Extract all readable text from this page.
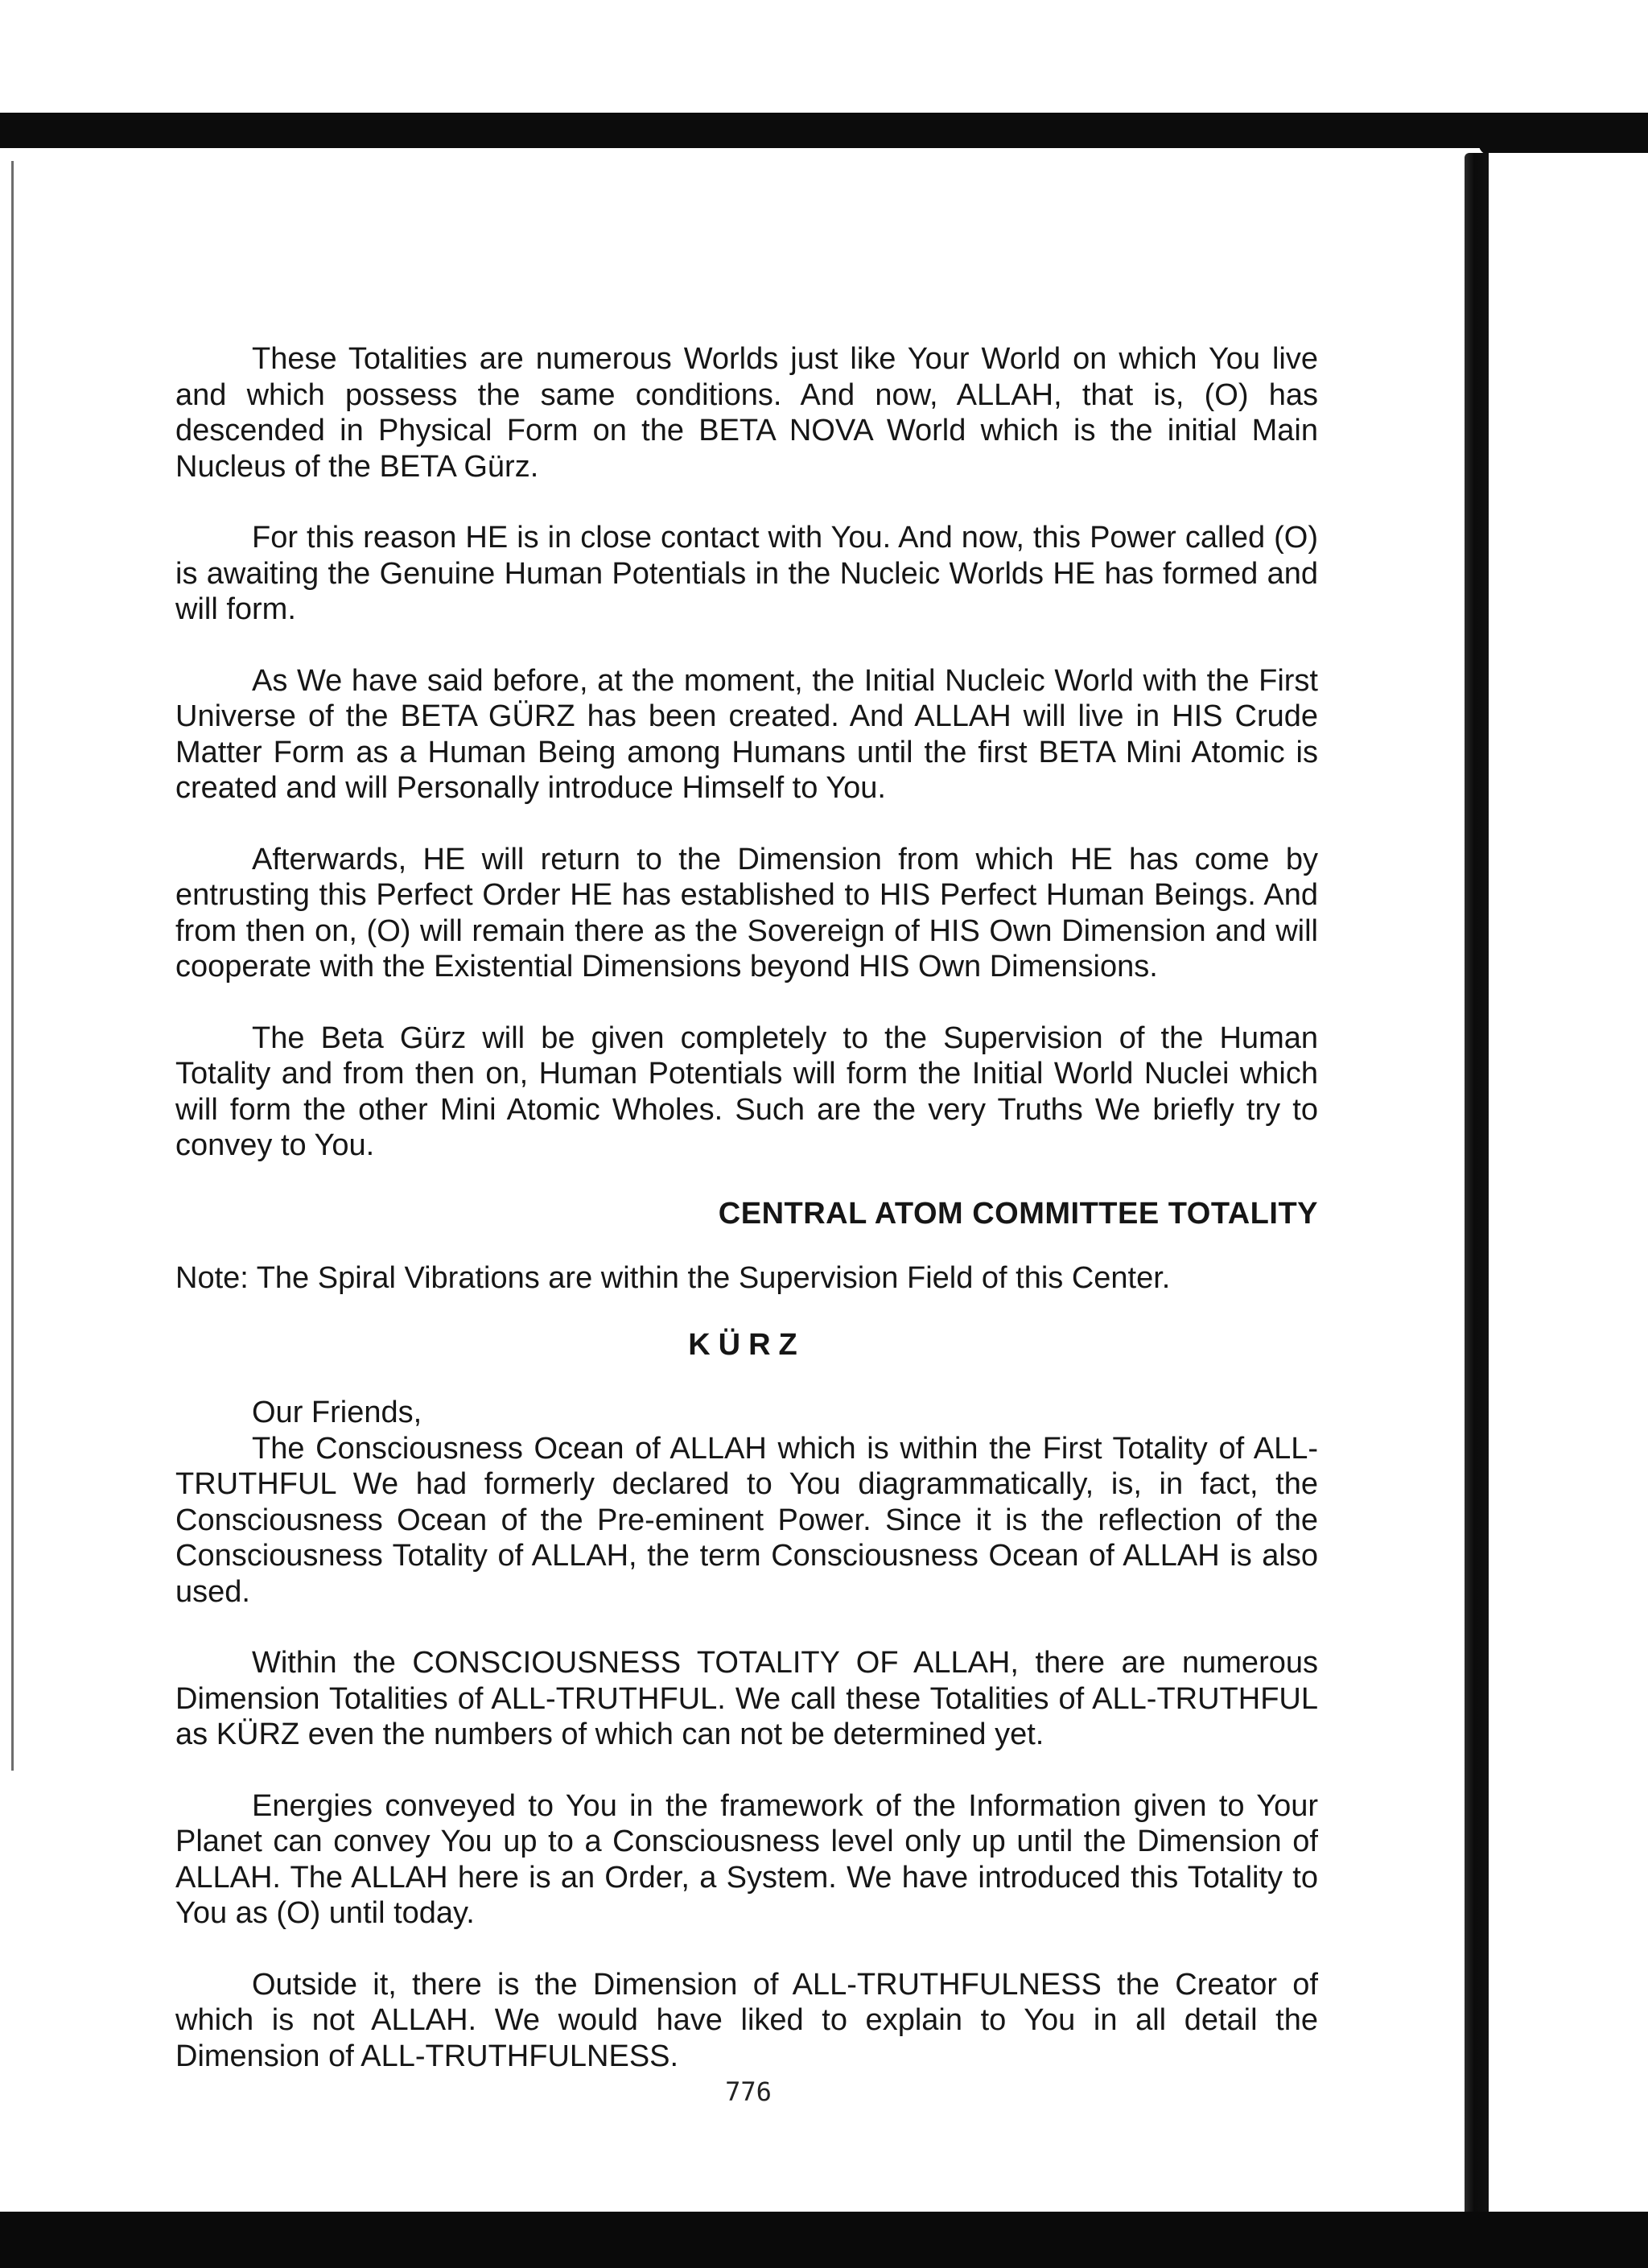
These Totalities are numerous Worlds just like Your World on which You live and which possess the same conditions. And now, ALLAH, that is, (O) has descended in Physical Form on the BETA NOVA World which is the initial Main Nucleus of the BETA Gürz.

For this reason HE is in close contact with You. And now, this Power called (O) is awaiting the Genuine Human Potentials in the Nucleic Worlds HE has formed and will form.

As We have said before, at the moment, the Initial Nucleic World with the First Universe of the BETA GÜRZ has been created. And ALLAH will live in HIS Crude Matter Form as a Human Being among Humans until the first BETA Mini Atomic is created and will Personally introduce Himself to You.

Afterwards, HE will return to the Dimension from which HE has come by entrusting this Perfect Order HE has established to HIS Perfect Human Beings. And from then on, (O) will remain there as the Sovereign of HIS Own Dimension and will cooperate with the Existential Dimensions beyond HIS Own Dimensions.

The Beta Gürz will be given completely to the Supervision of the Human Totality and from then on, Human Potentials will form the Initial World Nuclei which will form the other Mini Atomic Wholes. Such are the very Truths We briefly try to convey to You.

CENTRAL ATOM COMMITTEE TOTALITY

Note: The Spiral Vibrations are within the Supervision Field of this Center.

KÜRZ

Our Friends,

The Consciousness Ocean of ALLAH which is within the First Totality of ALL-TRUTHFUL We had formerly declared to You diagrammatically, is, in fact, the Consciousness Ocean of the Pre-eminent Power. Since it is the reflection of the Consciousness Totality of ALLAH, the term Consciousness Ocean of ALLAH is also used.

Within the CONSCIOUSNESS TOTALITY OF ALLAH, there are numerous Dimension Totalities of ALL-TRUTHFUL. We call these Totalities of ALL-TRUTHFUL as KÜRZ even the numbers of which can not be determined yet.

Energies conveyed to You in the framework of the Information given to Your Planet can convey You up to a Consciousness level only up until the Dimension of ALLAH. The ALLAH here is an Order, a System. We have introduced this Totality to You as (O) until today.

Outside it, there is the Dimension of ALL-TRUTHFULNESS the Creator of which is not ALLAH. We would have liked to explain to You in all detail the Dimension of ALL-TRUTHFULNESS.

776
